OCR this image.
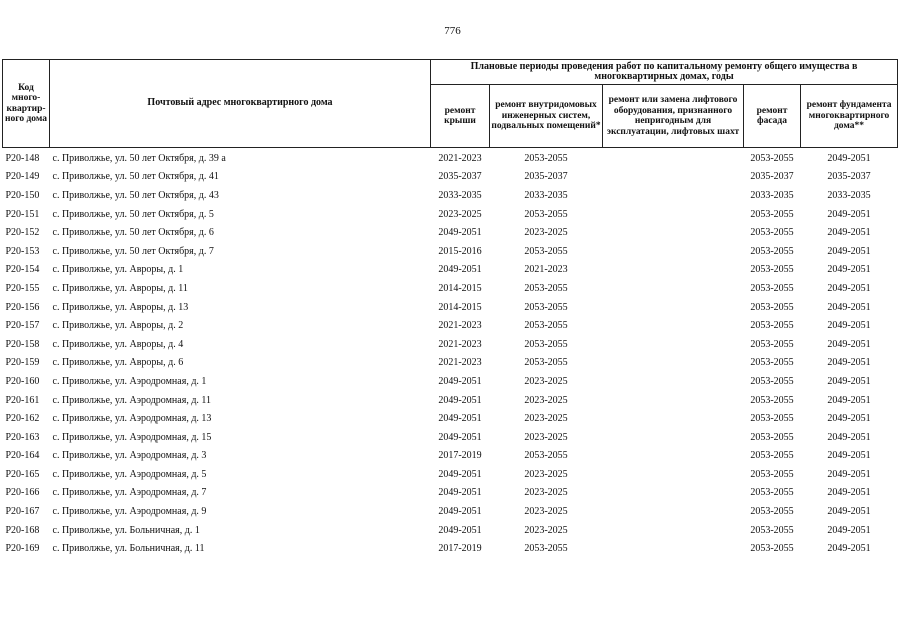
776
Код много-квартир-ного дома	Почтовый адрес многоквартирного дома	Плановые периоды проведения работ по капитальному ремонту общего имущества в многоквартирных домах, годы				
		ремонт крыши	ремонт внутридомовых инженерных систем, подвальных помещений*	ремонт или замена лифтового оборудования, признанного непригодным для эксплуатации, лифтовых шахт	ремонт фасада	ремонт фундамента многоквартирного дома**
P20-148	с. Приволжье, ул. 50 лет Октября, д. 39 а	2021-2023	2053-2055		2053-2055	2049-2051
P20-149	с. Приволжье, ул. 50 лет Октября, д. 41	2035-2037	2035-2037		2035-2037	2035-2037
P20-150	с. Приволжье, ул. 50 лет Октября, д. 43	2033-2035	2033-2035		2033-2035	2033-2035
P20-151	с. Приволжье, ул. 50 лет Октября, д. 5	2023-2025	2053-2055		2053-2055	2049-2051
P20-152	с. Приволжье, ул. 50 лет Октября, д. 6	2049-2051	2023-2025		2053-2055	2049-2051
P20-153	с. Приволжье, ул. 50 лет Октября, д. 7	2015-2016	2053-2055		2053-2055	2049-2051
P20-154	с. Приволжье, ул. Авроры, д. 1	2049-2051	2021-2023		2053-2055	2049-2051
P20-155	с. Приволжье, ул. Авроры, д. 11	2014-2015	2053-2055		2053-2055	2049-2051
P20-156	с. Приволжье, ул. Авроры, д. 13	2014-2015	2053-2055		2053-2055	2049-2051
P20-157	с. Приволжье, ул. Авроры, д. 2	2021-2023	2053-2055		2053-2055	2049-2051
P20-158	с. Приволжье, ул. Авроры, д. 4	2021-2023	2053-2055		2053-2055	2049-2051
P20-159	с. Приволжье, ул. Авроры, д. 6	2021-2023	2053-2055		2053-2055	2049-2051
P20-160	с. Приволжье, ул. Аэродромная, д. 1	2049-2051	2023-2025		2053-2055	2049-2051
P20-161	с. Приволжье, ул. Аэродромная, д. 11	2049-2051	2023-2025		2053-2055	2049-2051
P20-162	с. Приволжье, ул. Аэродромная, д. 13	2049-2051	2023-2025		2053-2055	2049-2051
P20-163	с. Приволжье, ул. Аэродромная, д. 15	2049-2051	2023-2025		2053-2055	2049-2051
P20-164	с. Приволжье, ул. Аэродромная, д. 3	2017-2019	2053-2055		2053-2055	2049-2051
P20-165	с. Приволжье, ул. Аэродромная, д. 5	2049-2051	2023-2025		2053-2055	2049-2051
P20-166	с. Приволжье, ул. Аэродромная, д. 7	2049-2051	2023-2025		2053-2055	2049-2051
P20-167	с. Приволжье, ул. Аэродромная, д. 9	2049-2051	2023-2025		2053-2055	2049-2051
P20-168	с. Приволжье, ул. Больничная, д. 1	2049-2051	2023-2025		2053-2055	2049-2051
P20-169	с. Приволжье, ул. Больничная, д. 11	2017-2019	2053-2055		2053-2055	2049-2051
